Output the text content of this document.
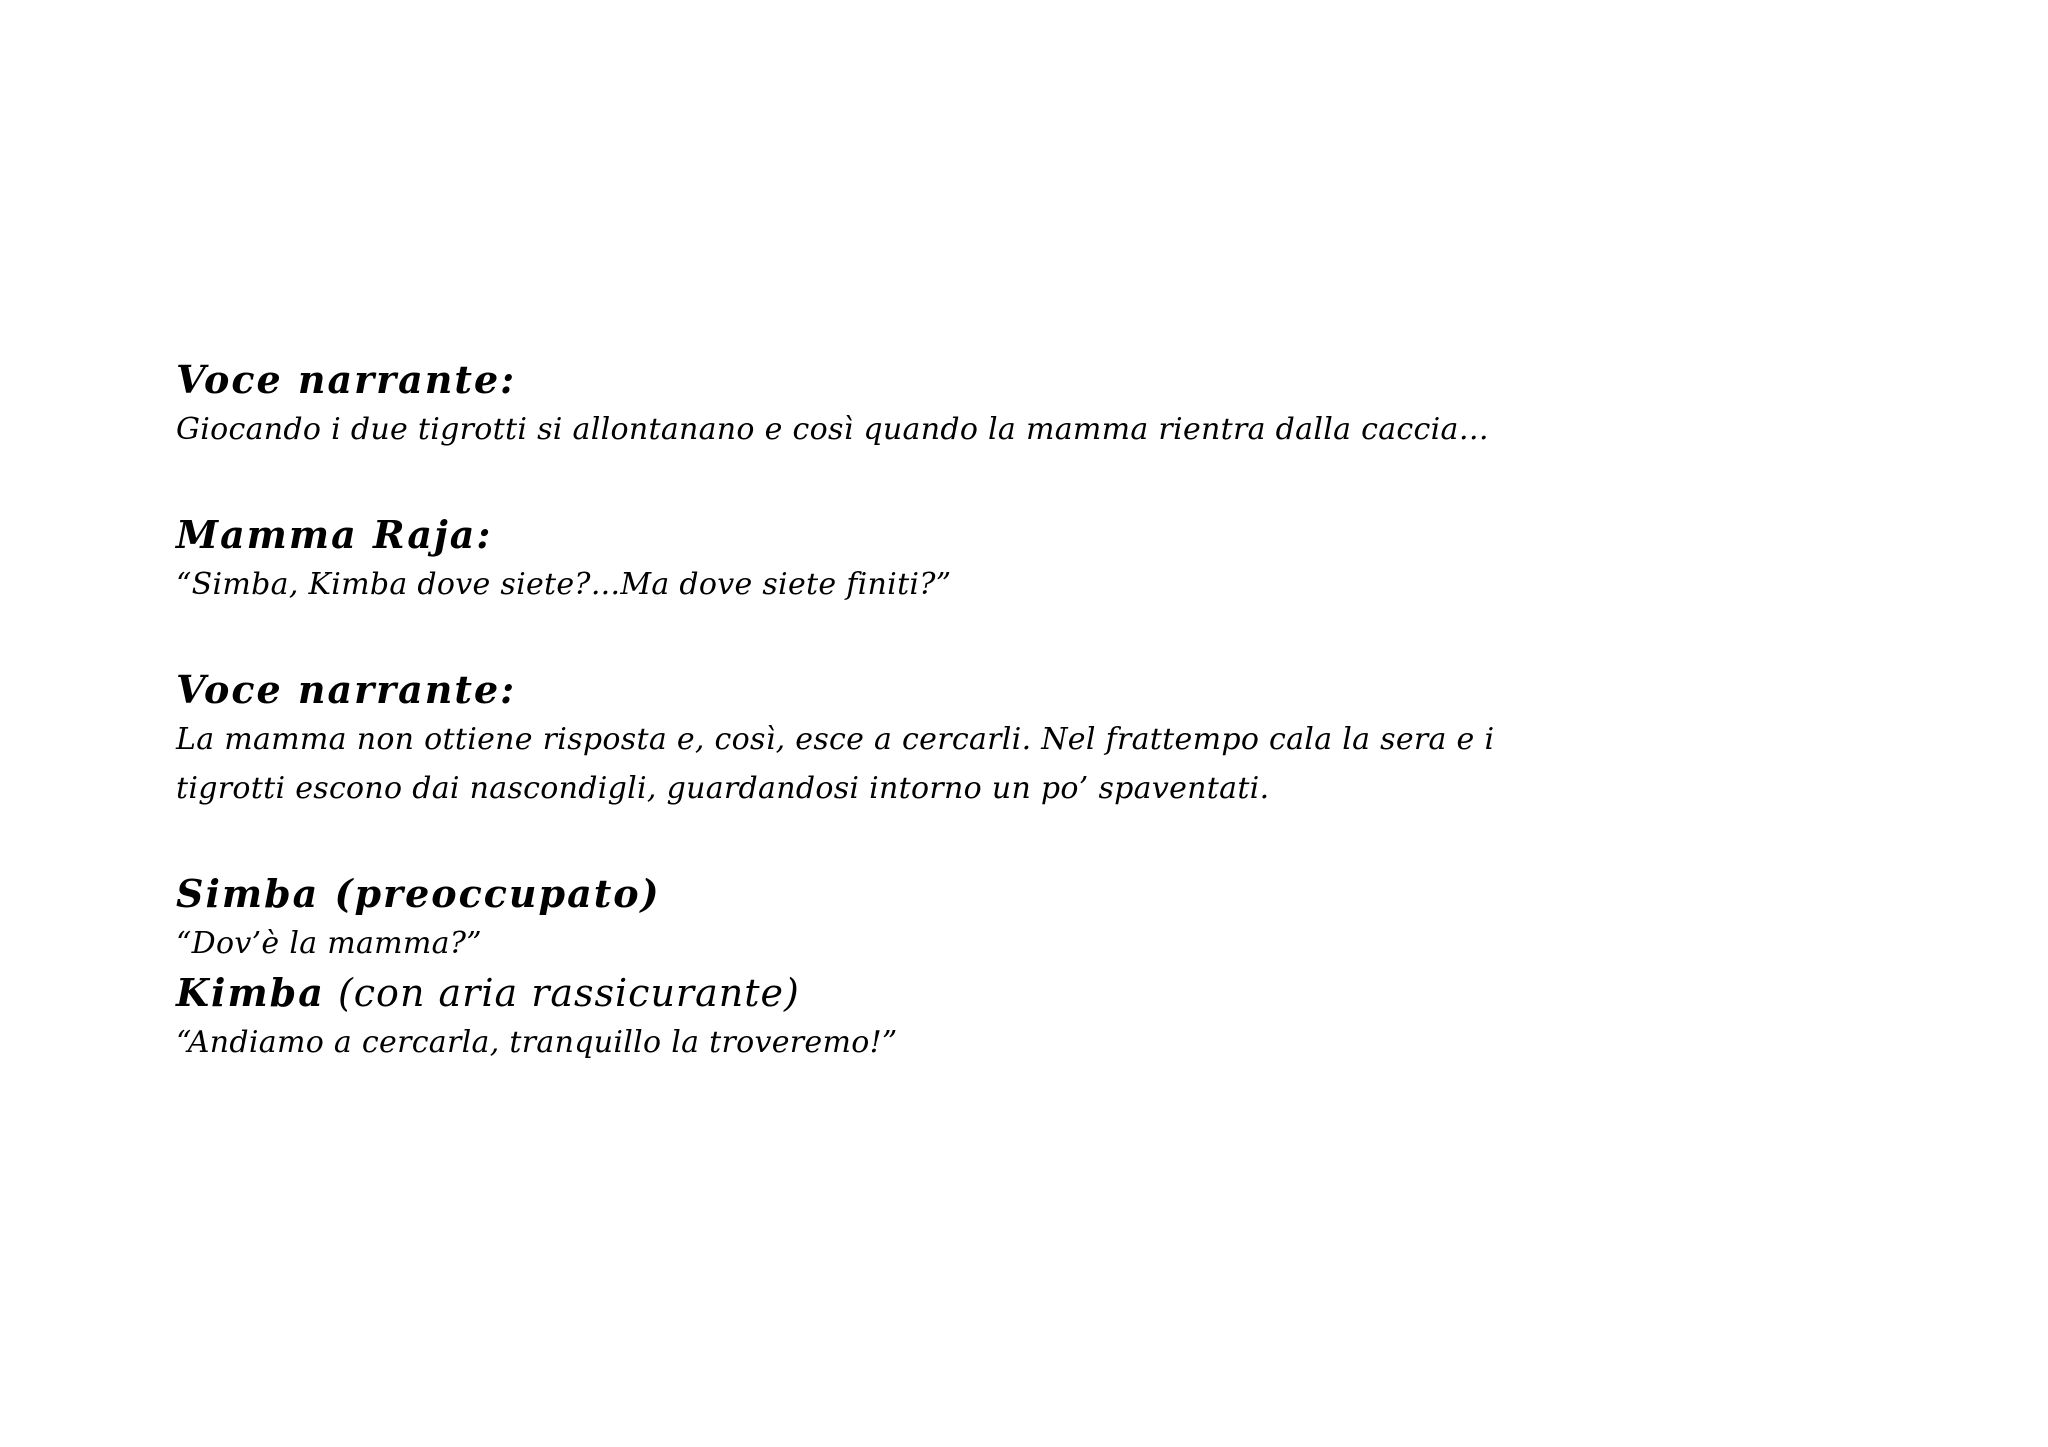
Voce narrante:
Giocando i due tigrotti si allontanano e così quando la mamma rientra dalla caccia…
Mamma Raja:
“Simba, Kimba dove siete?...Ma dove siete finiti?”
Voce narrante:
La mamma non ottiene risposta e, così, esce a cercarli. Nel frattempo cala la sera e i
tigrotti escono dai nascondigli, guardandosi intorno un po’ spaventati.
Simba (preoccupato)
“Dov’è la mamma?”
Kimba (con aria rassicurante)
“Andiamo a cercarla, tranquillo la troveremo!”
